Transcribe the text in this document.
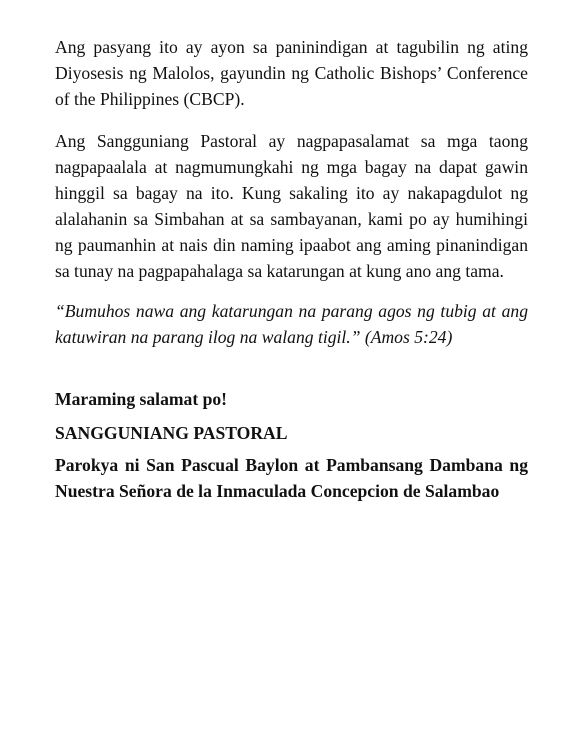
Ang pasyang ito ay ayon sa paninindigan at tagubilin ng ating Diyosesis ng Malolos, gayundin ng Catholic Bishops’ Conference of the Philippines (CBCP).

Ang Sangguniang Pastoral ay nagpapasalamat sa mga taong nagpapaalala at nagmumungkahi ng mga bagay na dapat gawin hinggil sa bagay na ito. Kung sakaling ito ay nakapagdulot ng alalahanin sa Simbahan at sa sambayanan, kami po ay humihingi ng paumanhin at nais din naming ipaabot ang aming pinanindigan sa tunay na pagpapahalaga sa katarungan at kung ano ang tama.

“Bumuhos nawa ang katarungan na parang agos ng tubig at ang katuwiran na parang ilog na walang tigil.” (Amos 5:24)

Maraming salamat po!

SANGGUNIANG PASTORAL

Parokya ni San Pascual Baylon at Pambansang Dambana ng Nuestra Señora de la Inmaculada Concepcion de Salambao
